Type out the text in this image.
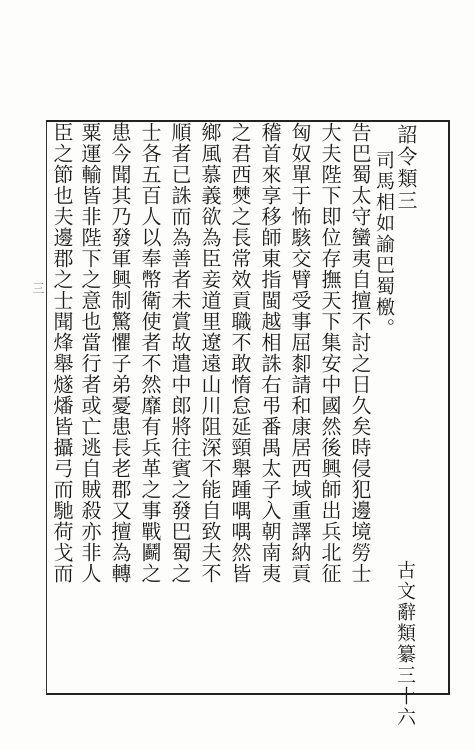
詔令類三
司馬相如諭巴蜀檄。
古文辭類纂三十六
告巴蜀太守蠻夷自擅不討之日久矣時侵犯邊境勞士
大夫陛下即位存撫天下集安中國然後興師出兵北征
匈奴單于怖駭交臂受事屈厀請和康居西域重譯納貢
稽首來享移師東指閩越相誅右弔番禺太子入朝南夷
之君西僰之長常效貢職不敢惰怠延頸舉踵喁喁然皆
鄉風慕義欲為臣妾道里遼遠山川阻深不能自致夫不
順者已誅而為善者未賞故遣中郎將往賓之發巴蜀之
士各五百人以奉幣衛使者不然靡有兵革之事戰鬬之
患今聞其乃發軍興制驚懼子弟憂患長老郡又擅為轉
粟運輸皆非陛下之意也當行者或亡逃自賊殺亦非人
臣之節也夫邊郡之士聞烽舉燧燔皆攝弓而馳荷戈而
三
